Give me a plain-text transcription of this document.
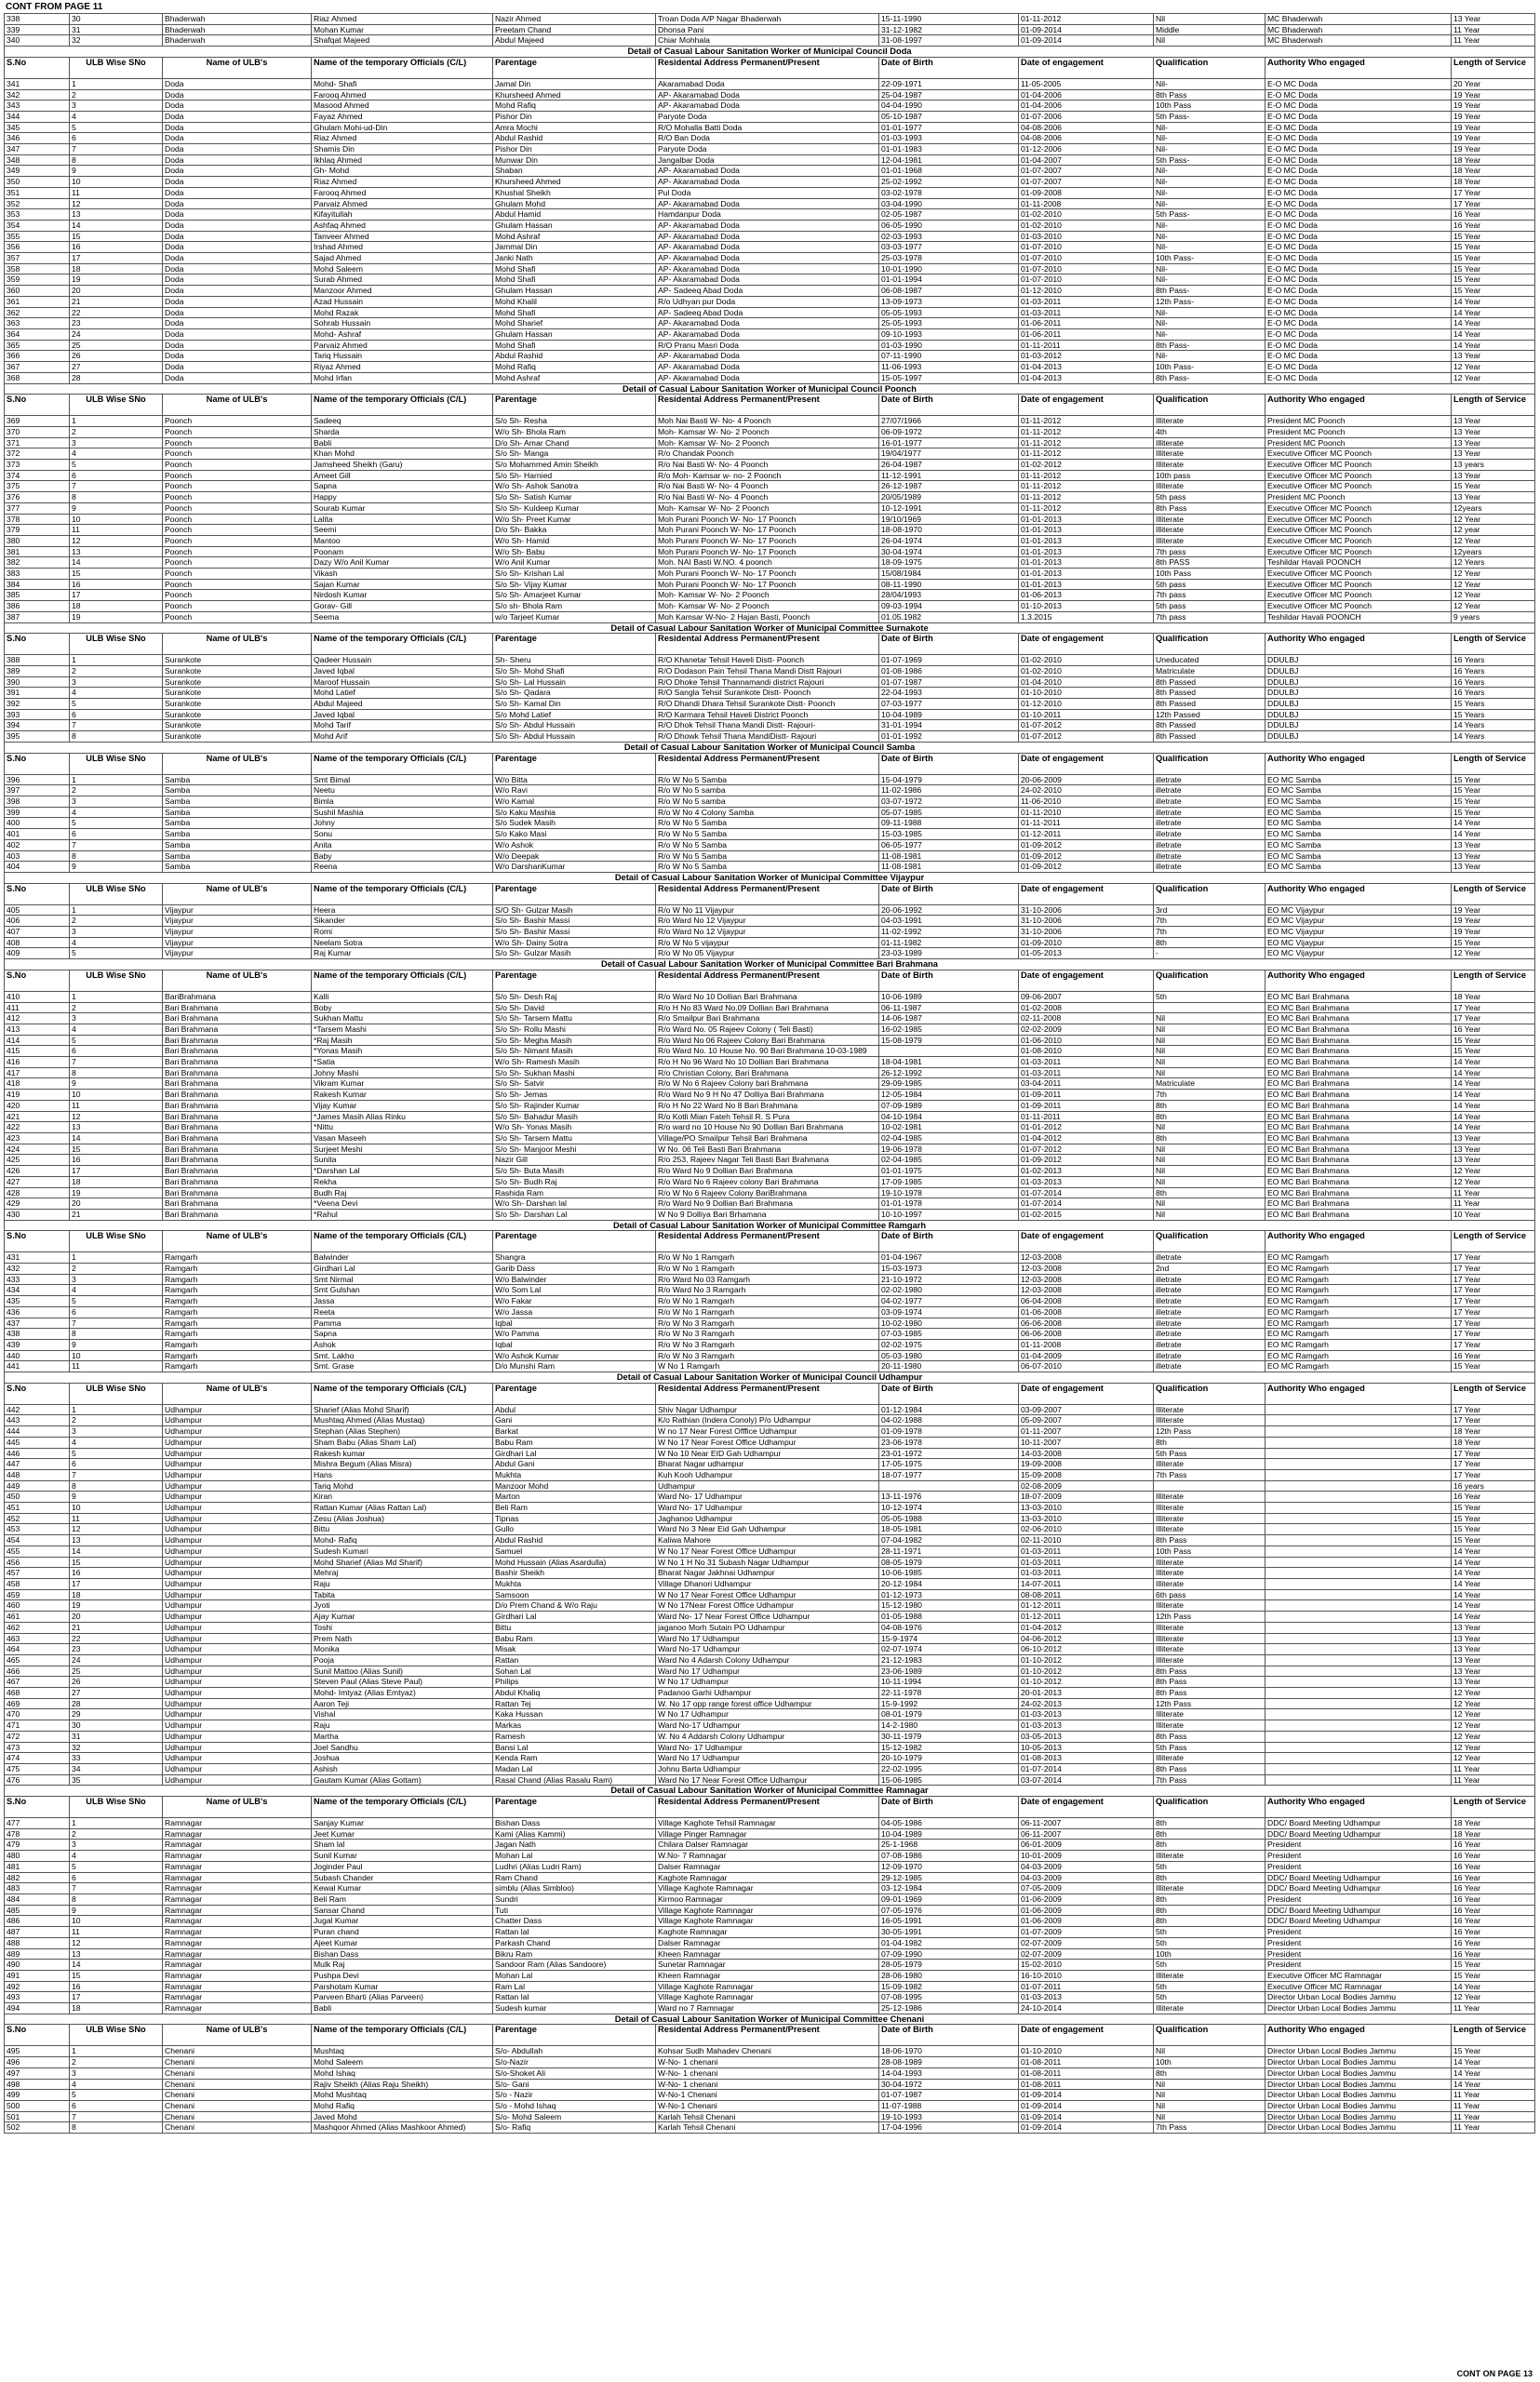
CONT FROM PAGE 11
338	30	Bhaderwah	Riaz Ahmed	Nazir Ahmed	Troan Doda A/P Nagar Bhaderwah	15-11-1990	01-11-2012	Nil	MC Bhaderwah	13 Year
339	31	Bhaderwah	Mohan Kumar	Preetam Chand	Dhonsa Pani	31-12-1982	01-09-2014	Middle	MC Bhaderwah	11 Year
340	32	Bhaderwah	Shafqat Majeed	Abdul Majeed	Chiar Mohhala	31-08-1997	01-09-2014	Nil	MC Bhaderwah	11 Year
Detail of Casual Labour Sanitation Worker of Municipal Council Doda										
S.No	ULB Wise SNo	Name of ULB's	Name of the temporary Officials (C/L)	Parentage	Residental Address Permanent/Present	Date of Birth	Date of engagement	Qualification	Authority Who engaged	Length of Service
341	1	Doda	Mohd- Shafi	Jamal Din	Akaramabad Doda	22-09-1971	11-05-2005	Nil-	E-O MC Doda	20 Year
342	2	Doda	Farooq Ahmed	Khursheed Ahmed	AP- Akaramabad Doda	25-04-1987	01-04-2006	8th Pass	E-O MC Doda	19 Year
343	3	Doda	Masood Ahmed	Mohd Rafiq	AP- Akaramabad Doda	04-04-1990	01-04-2006	10th Pass	E-O MC Doda	19 Year
344	4	Doda	Fayaz Ahmed	Pishor Din	Paryote Doda	05-10-1987	01-07-2006	5th Pass-	E-O MC Doda	19 Year
345	5	Doda	Ghulam Mohi-ud-Din	Amra Mochi	R/O Mohalla Batti Doda	01-01-1977	04-08-2006	Nil-	E-O MC Doda	19 Year
346	6	Doda	Riaz Ahmed	Abdul Rashid	R/O Ban Doda	01-03-1993	04-08-2006	Nil-	E-O MC Doda	19 Year
347	7	Doda	Shamis Din	Pishor Din	Paryote Doda	01-01-1983	01-12-2006	Nil-	E-O MC Doda	19 Year
348	8	Doda	Ikhlaq Ahmed	Munwar Din	Jangalbar Doda	12-04-1981	01-04-2007	5th Pass-	E-O MC Doda	18 Year
349	9	Doda	Gh- Mohd	Shaban	AP- Akaramabad Doda	01-01-1968	01-07-2007	Nil-	E-O MC Doda	18 Year
350	10	Doda	Riaz Ahmed	Khursheed Ahmed	AP- Akaramabad Doda	25-02-1992	01-07-2007	Nil-	E-O MC Doda	18 Year
351	11	Doda	Farooq Ahmed	Khushal Sheikh	Pul Doda	03-02-1978	01-09-2008	Nil-	E-O MC Doda	17 Year
352	12	Doda	Parvaiz Ahmed	Ghulam Mohd	AP- Akaramabad Doda	03-04-1990	01-11-2008	Nil-	E-O MC Doda	17 Year
353	13	Doda	Kifayitullah	Abdul Hamid	Hamdanpur Doda	02-05-1987	01-02-2010	5th Pass-	E-O MC Doda	16 Year
354	14	Doda	Ashfaq Ahmed	Ghulam Hassan	AP- Akaramabad Doda	06-05-1990	01-02-2010	Nil-	E-O MC Doda	16 Year
355	15	Doda	Tanveer Ahmed	Mohd Ashraf	AP- Akaramabad Doda	02-03-1993	01-03-2010	Nil-	E-O MC Doda	15 Year
356	16	Doda	Irshad Ahmed	Jammal Din	AP- Akaramabad Doda	03-03-1977	01-07-2010	Nil-	E-O MC Doda	15 Year
357	17	Doda	Sajad Ahmed	Janki Nath	AP- Akaramabad Doda	25-03-1978	01-07-2010	10th Pass-	E-O MC Doda	15 Year
358	18	Doda	Mohd Saleem	Mohd Shafi	AP- Akaramabad Doda	10-01-1990	01-07-2010	Nil-	E-O MC Doda	15 Year
359	19	Doda	Surab Ahmed	Mohd Shafi	AP- Akaramabad Doda	01-01-1994	01-07-2010	Nil-	E-O MC Doda	15 Year
360	20	Doda	Manzoor Ahmed	Ghulam Hassan	AP- Sadeeq Abad Doda	06-08-1987	01-12-2010	8th Pass-	E-O MC Doda	15 Year
361	21	Doda	Azad Hussain	Mohd Khalil	R/o Udhyan pur Doda	13-09-1973	01-03-2011	12th Pass-	E-O MC Doda	14 Year
362	22	Doda	Mohd Razak	Mohd Shafi	AP- Sadeeq Abad Doda	05-05-1993	01-03-2011	Nil-	E-O MC Doda	14 Year
363	23	Doda	Sohrab Hussain	Mohd Sharief	AP- Akaramabad Doda	25-05-1993	01-06-2011	Nil-	E-O MC Doda	14 Year
364	24	Doda	Mohd- Ashraf	Ghulam Hassan	AP- Akaramabad Doda	09-10-1993	01-06-2011	Nil-	E-O MC Doda	14 Year
365	25	Doda	Parvaiz Ahmed	Mohd Shafi	R/O Pranu Masri Doda	01-03-1990	01-11-2011	8th Pass-	E-O MC Doda	14 Year
366	26	Doda	Tariq Hussain	Abdul Rashid	AP- Akaramabad Doda	07-11-1990	01-03-2012	Nil-	E-O MC Doda	13 Year
367	27	Doda	Riyaz Ahmed	Mohd Rafiq	AP- Akaramabad Doda	11-06-1993	01-04-2013	10th Pass-	E-O MC Doda	12 Year
368	28	Doda	Mohd Irfan	Mohd Ashraf	AP- Akaramabad Doda	15-05-1997	01-04-2013	8th Pass-	E-O MC Doda	12 Year
Detail of Casual Labour Sanitation Worker of Municipal Council Poonch										
S.No	ULB Wise SNo	Name of ULB's	Name of the temporary Officials (C/L)	Parentage	Residental Address Permanent/Present	Date of Birth	Date of engagement	Qualification	Authority Who engaged	Length of Service
369	1	Poonch	Sadeeq	S/o Sh- Resha	Moh Nai Basti W- No- 4 Poonch	27/07/1966	01-11-2012	Illiterate	President MC Poonch	13 Year
370	2	Poonch	Sharda	W/o Sh- Bhola Ram	Moh- Kamsar W- No- 2 Poonch	06-09-1972	01-11-2012	4th	President MC Poonch	13 Year
371	3	Poonch	Babli	D/o Sh- Amar Chand	Moh- Kamsar W- No- 2 Poonch	16-01-1977	01-11-2012	Illiterate	President MC Poonch	13 Year
372	4	Poonch	Khan Mohd	S/o Sh- Manga	R/o Chandak Poonch	19/04/1977	01-11-2012	Illiterate	Executive Officer MC Poonch	13 Year
373	5	Poonch	Jamsheed Sheikh (Garu)	S/o Mohammed Amin Sheikh	R/o Nai Basti W- No- 4 Poonch	26-04-1987	01-02-2012	Illiterate	Executive Officer MC Poonch	13 years
374	6	Poonch	Ameet Gill	S/o Sh- Harnied	R/o Moh- Kamsar w- no- 2 Poonch	11-12-1991	01-11-2012	10th pass	Executive Officer MC Poonch	13 Year
375	7	Poonch	Sapna	W/o Sh- Ashok Sanotra	R/o Nai Basti W- No- 4 Poonch	26-12-1987	01-11-2012	Illiterate	Executive Officer MC Poonch	15 Year
376	8	Poonch	Happy	S/o Sh- Satish Kumar	R/o Nai Basti W- No- 4 Poonch	20/05/1989	01-11-2012	5th pass	President MC Poonch	13 Year
377	9	Poonch	Sourab Kumar	S/o Sh- Kuldeep Kumar	Moh- Kamsar W- No- 2 Poonch	10-12-1991	01-11-2012	8th Pass	Executive Officer MC Poonch	12years
378	10	Poonch	Lalita	W/o Sh- Preet Kumar	Moh Purani Poonch W- No- 17 Poonch	19/10/1969	01-01-2013	Illiterate	Executive Officer MC Poonch	12 Year
379	11	Poonch	Seemi	D/o Sh- Bakka	Moh Purani Poonch W- No- 17 Poonch	18-08-1970	01-01-2013	Illiterate	Executive Officer MC Poonch	12 year
380	12	Poonch	Mantoo	W/o Sh- Hamid	Moh Purani Poonch W- No- 17 Poonch	26-04-1974	01-01-2013	Illiterate	Executive Officer MC Poonch	12 Year
381	13	Poonch	Poonam	W/o Sh- Babu	Moh Purani Poonch W- No- 17 Poonch	30-04-1974	01-01-2013	7th pass	Executive Officer MC Poonch	12years
382	14	Poonch	Dazy W/o Anil Kumar	W/o Anil Kumar	Moh. NAI Basti W.NO. 4 poonch	18-09-1975	01-01-2013	8th PASS	Teshildar Havali POONCH	12 Years
383	15	Poonch	Vikash	S/o Sh- Krishan Lal	Moh Purani Poonch W- No- 17 Poonch	15/08/1984	01-01-2013	10th Pass	Executive Officer MC Poonch	12 Year
384	16	Poonch	Sajan Kumar	S/o Sh- Vijay Kumar	Moh Purani Poonch W- No- 17 Poonch	08-11-1990	01-01-2013	5th pass	Executive Officer MC Poonch	12 Year
385	17	Poonch	Nirdosh Kumar	S/o Sh- Amarjeet Kumar	Moh- Kamsar W- No- 2 Poonch	28/04/1993	01-06-2013	7th pass	Executive Officer MC Poonch	12 Year
386	18	Poonch	Gorav- Gill	S/o sh- Bhola Ram	Moh- Kamsar W- No- 2 Poonch	09-03-1994	01-10-2013	5th pass	Executive Officer MC Poonch	12 Year
387	19	Poonch	Seema	w/o Tarjeet Kumar	Moh Kamsar W-No- 2 Hajan Basti, Poonch	01.05.1982	1.3.2015	7th pass	Teshildar Havali POONCH	9 years
Detail of Casual Labour Sanitation Worker of Municipal Committee Surnakote										
S.No	ULB Wise SNo	Name of ULB's	Name of the temporary Officials (C/L)	Parentage	Residental Address Permanent/Present	Date of Birth	Date of engagement	Qualification	Authority Who engaged	Length of Service
388	1	Surankote	Qadeer Hussain	Sh- Sheru	R/O Khanetar Tehsil Haveli Distt- Poonch	01-07-1969	01-02-2010	Uneducated	DDULBJ	16 Years
389	2	Surankote	Javed Iqbal	S/o Sh- Mohd Shafi	R/O Dodason Pain Tehsil Thana Mandi Distt Rajouri	01-08-1986	01-02-2010	Matriculate	DDULBJ	16 Years
390	3	Surankote	Maroof Hussain	S/o Sh- Lal Hussain	R/O Dhoke Tehsil Thannamandi district Rajouri	01-07-1987	01-04-2010	8th Passed	DDULBJ	16 Years
391	4	Surankote	Mohd Latief	S/o Sh- Qadara	R/O Sangla Tehsil Surankote Distt- Poonch	22-04-1993	01-10-2010	8th Passed	DDULBJ	16 Years
392	5	Surankote	Abdul Majeed	S/o Sh- Kamal Din	R/O Dhandi Dhara Tehsil Surankote Distt- Poonch	07-03-1977	01-12-2010	8th Passed	DDULBJ	15 Years
393	6	Surankote	Javed Iqbal	S/o Mohd Latief	R/O Karmara Tehsil Haveli District Poonch	10-04-1989	01-10-2011	12th Passed	DDULBJ	15 Years
394	7	Surankote	Mohd Tarif	S/o Sh- Abdul Hussain	R/O Dhok Tehsil Thana Mandi Distt- Rajouri-	31-01-1994	01-07-2012	8th Passed	DDULBJ	14 Years
395	8	Surankote	Mohd Arif	S/o Sh- Abdul Hussain	R/O Dhowk Tehsil Thana MandiDistt- Rajouri	01-01-1992	01-07-2012	8th Passed	DDULBJ	14 Years
Detail of Casual Labour Sanitation Worker of Municipal Council Samba										
S.No	ULB Wise SNo	Name of ULB's	Name of the temporary Officials (C/L)	Parentage	Residental Address Permanent/Present	Date of Birth	Date of engagement	Qualification	Authority Who engaged	Length of Service
396	1	Samba	Smt Bimal	W/o Bitta	R/o W No 5 Samba	15-04-1979	20-06-2009	illetrate	EO MC Samba	15 Year
397	2	Samba	Neetu	W/o Ravi	R/o W No 5 samba	11-02-1986	24-02-2010	illetrate	EO MC Samba	15 Year
398	3	Samba	Bimla	W/o Kamal	R/o W No 5 samba	03-07-1972	11-06-2010	illetrate	EO MC Samba	15 Year
399	4	Samba	Sushil Mashia	S/o Kaku Mashia	R/o W No 4 Colony Samba	05-07-1985	01-11-2010	illetrate	EO MC Samba	15 Year
400	5	Samba	Johny	S/o Sudek Masih	R/o W No 5 Samba	09-11-1988	01-11-2011	illetrate	EO MC Samba	14 Year
401	6	Samba	Sonu	S/o Kako Masi	R/o W No 5 Samba	15-03-1985	01-12-2011	illetrate	EO MC Samba	14 Year
402	7	Samba	Anita	W/o Ashok	R/o W No 5 Samba	06-05-1977	01-09-2012	illetrate	EO MC Samba	13 Year
403	8	Samba	Baby	W/o Deepak	R/o W No 5 Samba	11-08-1981	01-09-2012	illetrate	EO MC Samba	13 Year
404	9	Samba	Reena	W/o DarshanKumar	R/o W No 5 Samba	11-08-1981	01-09-2012	illetrate	EO MC Samba	13 Year
Detail of Casual Labour Sanitation Worker of Municipal Committee Vijaypur										
S.No	ULB Wise SNo	Name of ULB's	Name of the temporary Officials (C/L)	Parentage	Residental Address Permanent/Present	Date of Birth	Date of engagement	Qualification	Authority Who engaged	Length of Service
405	1	Vijaypur	Heera	S/O Sh- Gulzar Masih	R/o W No 11 Vijaypur	20-06-1992	31-10-2006	3rd	EO MC Vijaypur	19 Year
406	2	Vijaypur	Sikander	S/o Sh- Bashir Massi	R/o Ward No 12 Vijaypur	04-03-1991	31-10-2006	7th	EO MC Vijaypur	19 Year
407	3	Vijaypur	Romi	S/o Sh- Bashir Massi	R/o Ward No 12 Vijaypur	11-02-1992	31-10-2006	7th	EO MC Vijaypur	19 Year
408	4	Vijaypur	Neelam Sotra	W/o Sh- Dainy Sotra	R/o W No 5 vijaypur	01-11-1982	01-09-2010	8th	EO MC Vijaypur	15 Year
409	5	Vijaypur	Raj Kumar	S/o Sh- Gulzar Masih	R/o W No 05 Vijaypur	23-03-1989	01-05-2013	-	EO MC Vijaypur	12 Year
Detail of Casual Labour Sanitation Worker of Municipal Committee Bari Brahmana										
S.No	ULB Wise SNo	Name of ULB's	Name of the temporary Officials (C/L)	Parentage	Residental Address Permanent/Present	Date of Birth	Date of engagement	Qualification	Authority Who engaged	Length of Service
410	1	BariBrahmana	Kalli	S/o Sh- Desh Raj	R/o Ward No 10 Dollian Bari Brahmana	10-06-1989	09-06-2007	5th	EO MC Bari Brahmana	18 Year
411	2	Bari Brahmana	Boby	S/o Sh- David	R/o H No 83 Ward No.09 Dollian Bari Brahmana	06-11-1987	01-02-2008		EO MC Bari Brahmana	17 Year
412	3	Bari Brahmana	Sukhan Mattu	S/o Sh- Tarsem Mattu	R/o Smailpur Bari Brahmana	14-06-1987	02-11-2008	Nil	EO MC Bari Brahmana	17 Year
413	4	Bari Brahmana	*Tarsem Mashi	S/o Sh- Rollu Mashi	R/o Ward No. 05 Rajeev Colony ( Teli Basti)	16-02-1985	02-02-2009	Nil	EO MC Bari Brahmana	16 Year
414	5	Bari Brahmana	*Raj Masih	S/o Sh- Megha Masih	R/o Ward No 06 Rajeev Colony Bari Brahmana	15-08-1979	01-06-2010	Nil	EO MC Bari Brahmana	15 Year
415	6	Bari Brahmana	*Yonas Masih	S/o Sh- Nimant Masih	R/o Ward No. 10 House No. 90 Bari Brahmana 10-03-1989		01-08-2010	Nil	EO MC Bari Brahmana	15 Year
416	7	Bari Brahmana	*Satia	W/o Sh- Ramesh Masih	R/o H No 96 Ward No 10 Dollian Bari Brahmana	18-04-1981	01-03-2011	Nil	EO MC Bari Brahmana	14 Year
417	8	Bari Brahmana	Johny Mashi	S/o Sh- Sukhan Mashi	R/o Christian Colony, Bari Brahmana	26-12-1992	01-03-2011	Nil	EO MC Bari Brahmana	14 Year
418	9	Bari Brahmana	Vikram Kumar	S/o Sh- Satvir	R/o W No 6 Rajeev Colony bari Brahmana	29-09-1985	03-04-2011	Matriculate	EO MC Bari Brahmana	14 Year
419	10	Bari Brahmana	Rakesh Kumar	S/o Sh- Jemas	R/o Ward No 9 H No 47 Dolliya Bari Brahmana	12-05-1984	01-09-2011	7th	EO MC Bari Brahmana	14 Year
420	11	Bari Brahmana	Vijay Kumar	S/o Sh- Rajinder Kumar	R/o H No 22 Ward No 8 Bari Brahmana	07-09-1989	01-09-2011	8th	EO MC Bari Brahmana	14 Year
421	12	Bari Brahmana	*James Masih Alias Rinku	S/o Sh- Bahadur Masih	R/o Kotli Mian Fateh Tehsil R. S Pura	04-10-1984	01-11-2011	8th	EO MC Bari Brahmana	14 Year
422	13	Bari Brahmana	*Nittu	W/o Sh- Yonas Masih	R/o ward no 10 House No 90 Dollian Bari Brahmana	10-02-1981	01-01-2012	Nil	EO MC Bari Brahmana	14 Year
423	14	Bari Brahmana	Vasan Maseeh	S/o Sh- Tarsem Mattu	Village/PO Smailpur Tehsil Bari Brahmana	02-04-1985	01-04-2012	8th	EO MC Bari Brahmana	13 Year
424	15	Bari Brahmana	Surjeet Meshi	S/o Sh- Manjoor Meshi	W No. 06 Teli Basti Bari Brahmana	19-06-1978	01-07-2012	Nil	EO MC Bari Brahmana	13 Year
425	16	Bari Brahmana	Sunita	Nazir Gill	R/o 253, Rajeev Nagar Teli Basti Bari Brahmana	02-04-1985	01-09-2012	Nil	EO MC Bari Brahmana	13 Year
426	17	Bari Brahmana	*Darshan Lal	S/o Sh- Buta Masih	R/o Ward No 9 Dollian Bari Brahmana	01-01-1975	01-02-2013	Nil	EO MC Bari Brahmana	12 Year
427	18	Bari Brahmana	Rekha	S/o Sh- Budh Raj	R/o Ward No 6 Rajeev colony Bari Brahmana	17-09-1985	01-03-2013	Nil	EO MC Bari Brahmana	12 Year
428	19	Bari Brahmana	Budh Raj	Rashida Ram	R/o W No 6 Rajeev Colony BariBrahmana	19-10-1978	01-07-2014	8th	EO MC Bari Brahmana	11 Year
429	20	Bari Brahmana	*Veena Devi	W/o Sh- Darshan lal	R/o Ward No 9 Dollian Bari Brahmana	01-01-1978	01-07-2014	Nil	EO MC Bari Brahmana	11 Year
430	21	Bari Brahmana	*Rahul	S/o Sh- Darshan Lal	W No 9 Dolliya Bari Brhamana	10-10-1997	01-02-2015	Nil	EO MC Bari Brahmana	10 Year
Detail of Casual Labour Sanitation Worker of Municipal Committee Ramgarh										
S.No	ULB Wise SNo	Name of ULB's	Name of the temporary Officials (C/L)	Parentage	Residental Address Permanent/Present	Date of Birth	Date of engagement	Qualification	Authority Who engaged	Length of Service
431	1	Ramgarh	Balwinder	Shangra	R/o W No 1 Ramgarh	01-04-1967	12-03-2008	illetrate	EO MC Ramgarh	17 Year
432	2	Ramgarh	Girdhari Lal	Garib Dass	R/o W No 1 Ramgarh	15-03-1973	12-03-2008	2nd	EO MC Ramgarh	17 Year
433	3	Ramgarh	Smt Nirmal	W/o Balwinder	R/o Ward No 03 Ramgarh	21-10-1972	12-03-2008	illetrate	EO MC Ramgarh	17 Year
434	4	Ramgarh	Smt Gulshan	W/o Som Lal	R/o Ward No 3 Ramgarh	02-02-1980	12-03-2008	illetrate	EO MC Ramgarh	17 Year
435	5	Ramgarh	Jassa	W/o Fakar	R/o W No 1 Ramgarh	04-02-1977	06-04-2008	illetrate	EO MC Ramgarh	17 Year
436	6	Ramgarh	Reeta	W/o Jassa	R/o W No 1 Ramgarh	03-09-1974	01-06-2008	illetrate	EO MC Ramgarh	17 Year
437	7	Ramgarh	Pamma	Iqbal	R/o W No 3 Ramgarh	10-02-1980	06-06-2008	illetrate	EO MC Ramgarh	17 Year
438	8	Ramgarh	Sapna	W/o Pamma	R/o W No 3 Ramgarh	07-03-1985	06-06-2008	illetrate	EO MC Ramgarh	17 Year
439	9	Ramgarh	Ashok	Iqbal	R/o W No 3 Ramgarh	02-02-1975	01-11-2008	illetrate	EO MC Ramgarh	17 Year
440	10	Ramgarh	Smt. Lakho	W/o Ashok Kumar	R/o W No 3 Ramgarh	05-03-1980	01-04-2009	illetrate	EO MC Ramgarh	16 Year
441	11	Ramgarh	Smt. Grase	D/o Munshi Ram	W No 1 Ramgarh	20-11-1980	06-07-2010	illetrate	EO MC Ramgarh	15 Year
Detail of Casual Labour Sanitation Worker of Municipal Council Udhampur										
S.No	ULB Wise SNo	Name of ULB's	Name of the temporary Officials (C/L)	Parentage	Residental Address Permanent/Present	Date of Birth	Date of engagement	Qualification	Authority Who engaged	Length of Service
442	1	Udhampur	Sharief (Alias Mohd Sharif)	Abdul	Shiv Nagar Udhampur	01-12-1984	03-09-2007	Illiterate		17 Year
443	2	Udhampur	Mushtaq Ahmed (Alias Mustaq)	Gani	K/o Rathian (Indera Conoly) P/o Udhampur	04-02-1988	05-09-2007	Illiterate		17 Year
444	3	Udhampur	Stephan (Alias Stephen)	Barkat	W no 17 Near Forest Offfice Udhampur	01-09-1978	01-11-2007	12th Pass		18 Year
445	4	Udhampur	Sham Babu (Alias Sham Lal)	Babu Ram	W No 17 Near Forest Office Udhampur	23-06-1978	10-11-2007	8th		18 Year
446	5	Udhampur	Rakesh kumar	Girdhari Lal	W No 10 Near EID Gah Udhampur	23-01-1972	14-03-2008	5th Pass		17 Year
447	6	Udhampur	Mishra Begum (Alias Misra)	Abdul Gani	Bharat Nagar udhampur	17-05-1975	19-09-2008	Illiterate		17 Year
448	7	Udhampur	Hans	Mukhta	Kuh Kooh Udhampur	18-07-1977	15-09-2008	7th Pass		17 Year
449	8	Udhampur	Tariq Mohd	Manzoor Mohd	Udhampur		02-08-2009			16 years
450	9	Udhampur	Kiran	Marton	Ward No- 17 Udhampur	13-11-1976	18-07-2009	Illiterate		16 Year
451	10	Udhampur	Rattan Kumar (Alias Rattan Lal)	Beli Ram	Ward No- 17 Udhampur	10-12-1974	13-03-2010	Illiterate		15 Year
452	11	Udhampur	Zesu (Alias Joshua)	Tipnas	Jaghanoo Udhampur	05-05-1988	13-03-2010	Illiterate		15 Year
453	12	Udhampur	Bittu	Gullo	Ward No 3 Near Eid Gah Udhampur	18-05-1981	02-06-2010	Illiterate		15 Year
454	13	Udhampur	Mohd- Rafiq	Abdul Rashid	Kaliwa Mahore	07-04-1982	02-11-2010	8th Pass		15 Year
455	14	Udhampur	Sudesh Kumari	Samuel	W No 17 Near Forest Office Udhampur	28-11-1971	01-03-2011	10th Pass		14 Year
456	15	Udhampur	Mohd Sharief (Alias Md Sharif)	Mohd Hussain (Alias Asardulla)	W No 1 H No 31 Subash Nagar Udhampur	08-05-1979	01-03-2011	Illiterate		14 Year
457	16	Udhampur	Mehraj	Bashir Sheikh	Bharat Nagar Jakhnai Udhampur	10-06-1985	01-03-2011	Illiterate		14 Year
458	17	Udhampur	Raju	Mukhta	Village Dhanori Udhampur	20-12-1984	14-07-2011	Illiterate		14 Year
459	18	Udhampur	Tabita	Samsoon	W No 17 Near Forest Office Udhampur	01-12-1973	08-08-2011	6th pass		14 Year
460	19	Udhampur	Jyoti	D/o Prem Chand & W/o Raju	W No 17Near Forest Office Udhampur	15-12-1980	01-12-2011	Illiterate		14 Year
461	20	Udhampur	Ajay Kumar	Girdhari Lal	Ward No- 17 Near Forest Office Udhampur	01-05-1988	01-12-2011	12th Pass		14 Year
462	21	Udhampur	Toshi	Bittu	jaganoo Morh Sutain PO Udhampur	04-08-1976	01-04-2012	Illiterate		13 Year
463	22	Udhampur	Prem Nath	Babu Ram	Ward No 17 Udhampur	15-9-1974	04-06-2012	Illiterate		13 Year
464	23	Udhampur	Monika	Misak	Ward No-17 Udhampur	02-07-1974	06-10-2012	Illiterate		13 Year
465	24	Udhampur	Pooja	Rattan	Ward No 4 Adarsh Colony Udhampur	21-12-1983	01-10-2012	Illiterate		13 Year
466	25	Udhampur	Sunil Mattoo (Alias Sunil)	Sohan Lal	Ward No 17 Udhampur	23-06-1989	01-10-2012	8th Pass		13 Year
467	26	Udhampur	Steven Paul (Alias Steve Paul)	Philips	W No 17 Udhampur	10-11-1994	01-10-2012	8th Pass		13 Year
468	27	Udhampur	Mohd- Imtyaz (Alias Emtyaz)	Abdul Khaliq	Padanoo Garhi Udhampur	22-11-1978	20-01-2013	8th Pass		12 Year
469	28	Udhampur	Aaron Teji	Rattan Tej	W. No 17 opp range forest office Udhampur	15-9-1992	24-02-2013	12th Pass		12 Year
470	29	Udhampur	Vishal	Kaka Hussan	W No 17 Udhampur	08-01-1979	01-03-2013	Illiterate		12 Year
471	30	Udhampur	Raju	Markas	Ward No-17 Udhampur	14-2-1980	01-03-2013	Illiterate		12 Year
472	31	Udhampur	Martha	Ramesh	W. No 4 Addarsh Colony Udhampur	30-11-1979	03-05-2013	8th Pass		12 Year
473	32	Udhampur	Joel Sandhu	Bansi Lal	Ward No- 17 Udhampur	15-12-1982	10-05-2013	5th Pass		12 Year
474	33	Udhampur	Joshua	Kenda Ram	Ward No 17 Udhampur	20-10-1979	01-08-2013	Illiterate		12 Year
475	34	Udhampur	Ashish	Madan Lal	Johnu Barta Udhampur	22-02-1995	01-07-2014	8th Pass		11 Year
476	35	Udhampur	Gautam Kumar (Alias Gottam)	Rasal Chand (Alias Rasalu Ram)	Ward No 17 Near Forest Office Udhampur	15-06-1985	03-07-2014	7th Pass		11 Year
Detail of Casual Labour Sanitation Worker of Municipal Committee Ramnagar										
S.No	ULB Wise SNo	Name of ULB's	Name of the temporary Officials (C/L)	Parentage	Residental Address Permanent/Present	Date of Birth	Date of engagement	Qualification	Authority Who engaged	Length of Service
477	1	Ramnagar	Sanjay Kumar	Bishan Dass	Village Kaghote Tehsil Ramnagar	04-05-1986	06-11-2007	8th	DDC/ Board Meeting Udhampur	18 Year
478	2	Ramnagar	Jeet Kumar	Kami (Alias Kammi)	Village Pinger Ramnagar	10-04-1989	06-11-2007	8th	DDC/ Board Meeting Udhampur	18 Year
479	3	Ramnagar	Sham lal	Jagan Nath	Chilara Dalser Ramnagar	25-1-1968	06-01-2009	8th	President	16 Year
480	4	Ramnagar	Sunil Kumar	Mohan Lal	W.No- 7 Ramnagar	07-08-1986	10-01-2009	Illiterate	President	16 Year
481	5	Ramnagar	Joginder Paul	Ludhri (Alias Ludri Ram)	Dalser Ramnagar	12-09-1970	04-03-2009	5th	President	16 Year
482	6	Ramnagar	Subash Chander	Ram Chand	Kaghote Ramnagar	29-12-1985	04-03-2009	8th	DDC/ Board Meeting Udhampur	16 Year
483	7	Ramnagar	Kewal Kumar	simblu (Alias Simbloo)	Village Kaghote Ramnagar	03-12-1984	07-05-2009	Illiterate	DDC/ Board Meeting Udhampur	16 Year
484	8	Ramnagar	Beli Ram	Sundri	Kirmoo Ramnagar	09-01-1969	01-06-2009	8th	President	16 Year
485	9	Ramnagar	Sansar Chand	Tuti	Village Kaghote Ramnagar	07-05-1976	01-06-2009	8th	DDC/ Board Meeting Udhampur	16 Year
486	10	Ramnagar	Jugal Kumar	Chatter Dass	Village Kaghote Ramnagar	16-05-1991	01-06-2009	8th	DDC/ Board Meeting Udhampur	16 Year
487	11	Ramnagar	Puran chand	Rattan lal	Kaghote Ramnagar	30-05-1991	01-07-2009	5th	President	16 Year
488	12	Ramnagar	Ajeet Kumar	Parkash Chand	Dalser Ramnagar	01-04-1982	02-07-2009	5th	President	16 Year
489	13	Ramnagar	Bishan Dass	Bikru Ram	Kheen Ramnagar	07-09-1990	02-07-2009	10th	President	16 Year
490	14	Ramnagar	Mulk Raj	Sandoor Ram (Alias Sandoore)	Sunetar Ramnagar	28-05-1979	15-02-2010	5th	President	15 Year
491	15	Ramnagar	Pushpa Devi	Mohan Lal	Kheen Ramnagar	28-06-1980	16-10-2010	Illiterate	Executive Officer MC Ramnagar	15 Year
492	16	Ramnagar	Parshotam Kumar	Ram Lal	Village Kaghote Ramnagar	15-09-1982	01-07-2011	5th	Executive Officer MC Ramnagar	14 Year
493	17	Ramnagar	Parveen Bharti (Alias Parveen)	Rattan lal	Village Kaghote Ramnagar	07-08-1995	01-03-2013	5th	Director Urban Local Bodies Jammu	12 Year
494	18	Ramnagar	Babli	Sudesh kumar	Ward no 7 Ramnagar	25-12-1986	24-10-2014	Illiterate	Director Urban Local Bodies Jammu	11 Year
Detail of Casual Labour Sanitation Worker of Municipal Committee Chenani										
S.No	ULB Wise SNo	Name of ULB's	Name of the temporary Officials (C/L)	Parentage	Residental Address Permanent/Present	Date of Birth	Date of engagement	Qualification	Authority Who engaged	Length of Service
495	1	Chenani	Mushtaq	S/o- Abdullah	Kohsar Sudh Mahadev Chenani	18-06-1970	01-10-2010	Nil	Director Urban Local Bodies Jammu	15 Year
496	2	Chenani	Mohd Saleem	S/o-Nazir	W-No- 1 chenani	28-08-1989	01-08-2011	10th	Director Urban Local Bodies Jammu	14 Year
497	3	Chenani	Mohd Ishaq	S/o-Shoket Ali	W-No- 1 chenani	14-04-1993	01-08-2011	8th	Director Urban Local Bodies Jammu	14 Year
498	4	Chenani	Rajiv Sheikh (Alias Raju Sheikh)	S/o- Gani	W-No- 1 chenani	30-04-1972	01-08-2011	Nil	Director Urban Local Bodies Jammu	14 Year
499	5	Chenani	Mohd Mushtaq	S/o - Nazir	W-No-1 Chenani	01-07-1987	01-09-2014	Nil	Director Urban Local Bodies Jammu	11 Year
500	6	Chenani	Mohd Rafiq	S/o - Mohd Ishaq	W-No-1 Chenani	11-07-1988	01-09-2014	Nil	Director Urban Local Bodies Jammu	11 Year
501	7	Chenani	Javed Mohd	S/o- Mohd Saleem	Karlah Tehsil Chenani	19-10-1993	01-09-2014	Nil	Director Urban Local Bodies Jammu	11 Year
502	8	Chenani	Mashqoor Ahmed (Alias Mashkoor Ahmed)	S/o- Rafiq	Karlah Tehsil Chenani	17-04-1996	01-09-2014	7th Pass	Director Urban Local Bodies Jammu	11 Year
CONT ON PAGE 13
